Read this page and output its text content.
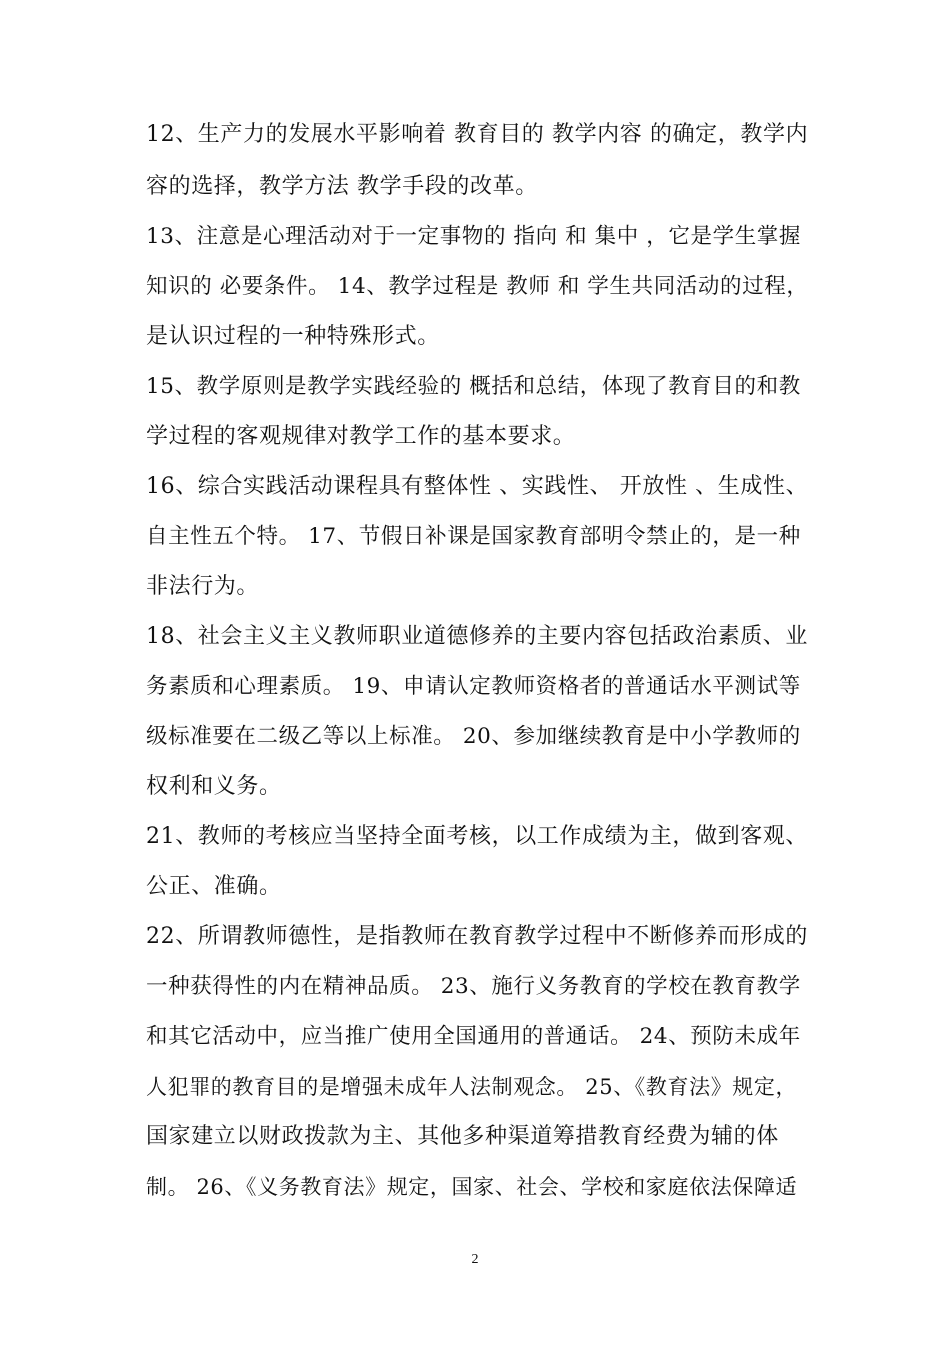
12、生产力的发展水平影响着 教育目的 教学内容 的确定，教学内
容的选择，教学方法 教学手段的改革。
13、注意是心理活动对于一定事物的 指向 和 集中 ，它是学生掌握
知识的 必要条件。 14、教学过程是 教师 和 学生共同活动的过程，
是认识过程的一种特殊形式。
15、教学原则是教学实践经验的 概括和总结，体现了教育目的和教
学过程的客观规律对教学工作的基本要求。
16、综合实践活动课程具有整体性 、实践性、 开放性 、生成性、
自主性五个特。 17、节假日补课是国家教育部明令禁止的，是一种
非法行为。
18、社会主义主义教师职业道德修养的主要内容包括政治素质、业
务素质和心理素质。 19、申请认定教师资格者的普通话水平测试等
级标准要在二级乙等以上标准。 20、参加继续教育是中小学教师的
权利和义务。
21、教师的考核应当坚持全面考核，以工作成绩为主，做到客观、
公正、准确。
22、所谓教师德性，是指教师在教育教学过程中不断修养而形成的
一种获得性的内在精神品质。 23、施行义务教育的学校在教育教学
和其它活动中，应当推广使用全国通用的普通话。 24、预防未成年
人犯罪的教育目的是增强未成年人法制观念。 25、《教育法》规定，
国家建立以财政拨款为主、其他多种渠道筹措教育经费为辅的体
制。 26、《义务教育法》规定，国家、社会、学校和家庭依法保障适
2
